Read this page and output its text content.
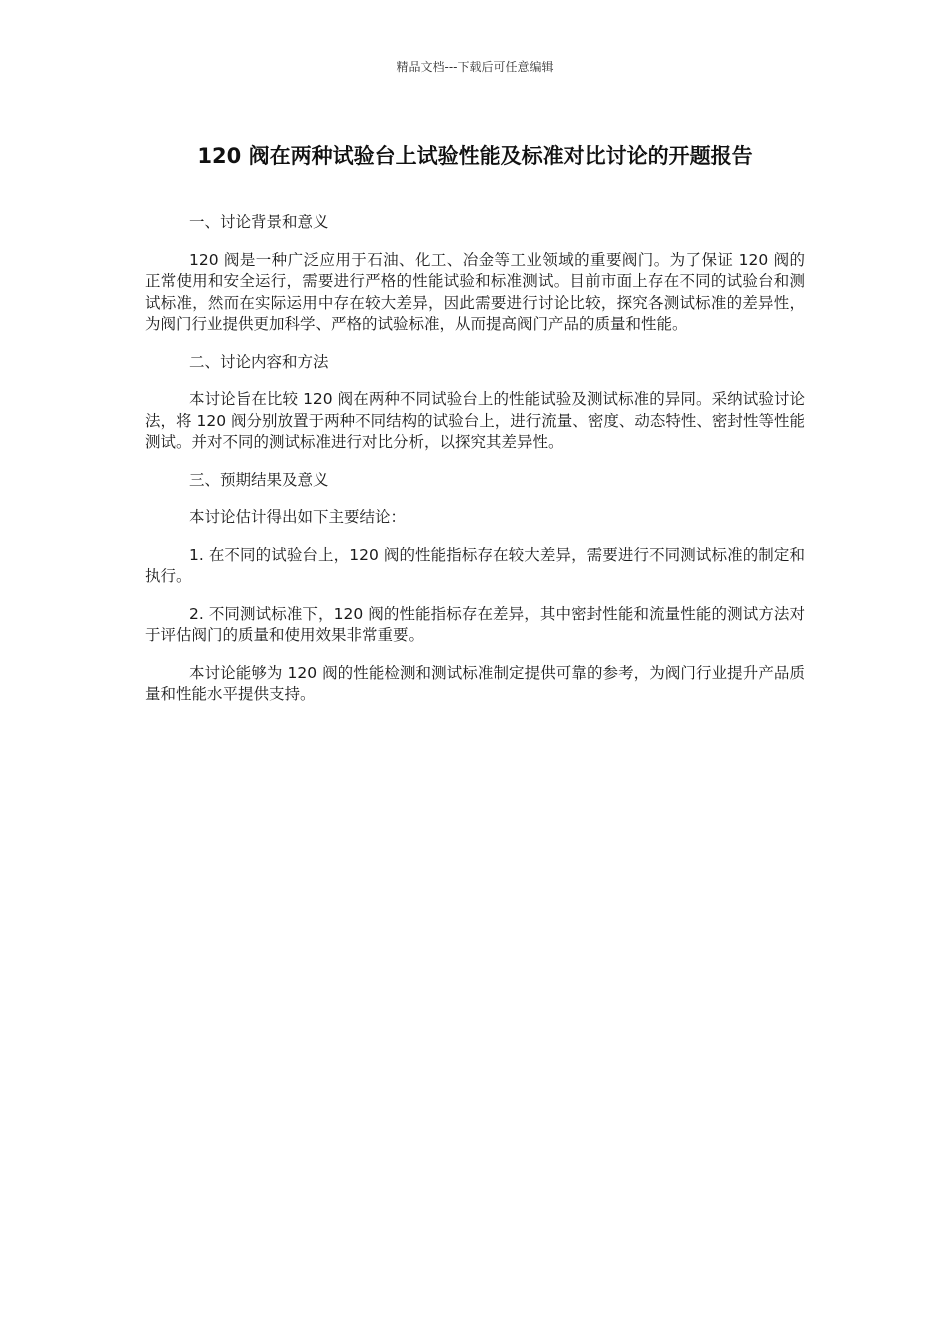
精品文档---下载后可任意编辑
120 阀在两种试验台上试验性能及标准对比讨论的开题报告

一、讨论背景和意义

120 阀是一种广泛应用于石油、化工、冶金等工业领域的重要阀门。为了保证 120 阀的正常使用和安全运行，需要进行严格的性能试验和标准测试。目前市面上存在不同的试验台和测试标准，然而在实际运用中存在较大差异，因此需要进行讨论比较，探究各测试标准的差异性，为阀门行业提供更加科学、严格的试验标准，从而提高阀门产品的质量和性能。

二、讨论内容和方法

本讨论旨在比较 120 阀在两种不同试验台上的性能试验及测试标准的异同。采纳试验讨论法，将 120 阀分别放置于两种不同结构的试验台上，进行流量、密度、动态特性、密封性等性能测试。并对不同的测试标准进行对比分析，以探究其差异性。

三、预期结果及意义

本讨论估计得出如下主要结论：

1. 在不同的试验台上，120 阀的性能指标存在较大差异，需要进行不同测试标准的制定和执行。

2. 不同测试标准下，120 阀的性能指标存在差异，其中密封性能和流量性能的测试方法对于评估阀门的质量和使用效果非常重要。

本讨论能够为 120 阀的性能检测和测试标准制定提供可靠的参考，为阀门行业提升产品质量和性能水平提供支持。
